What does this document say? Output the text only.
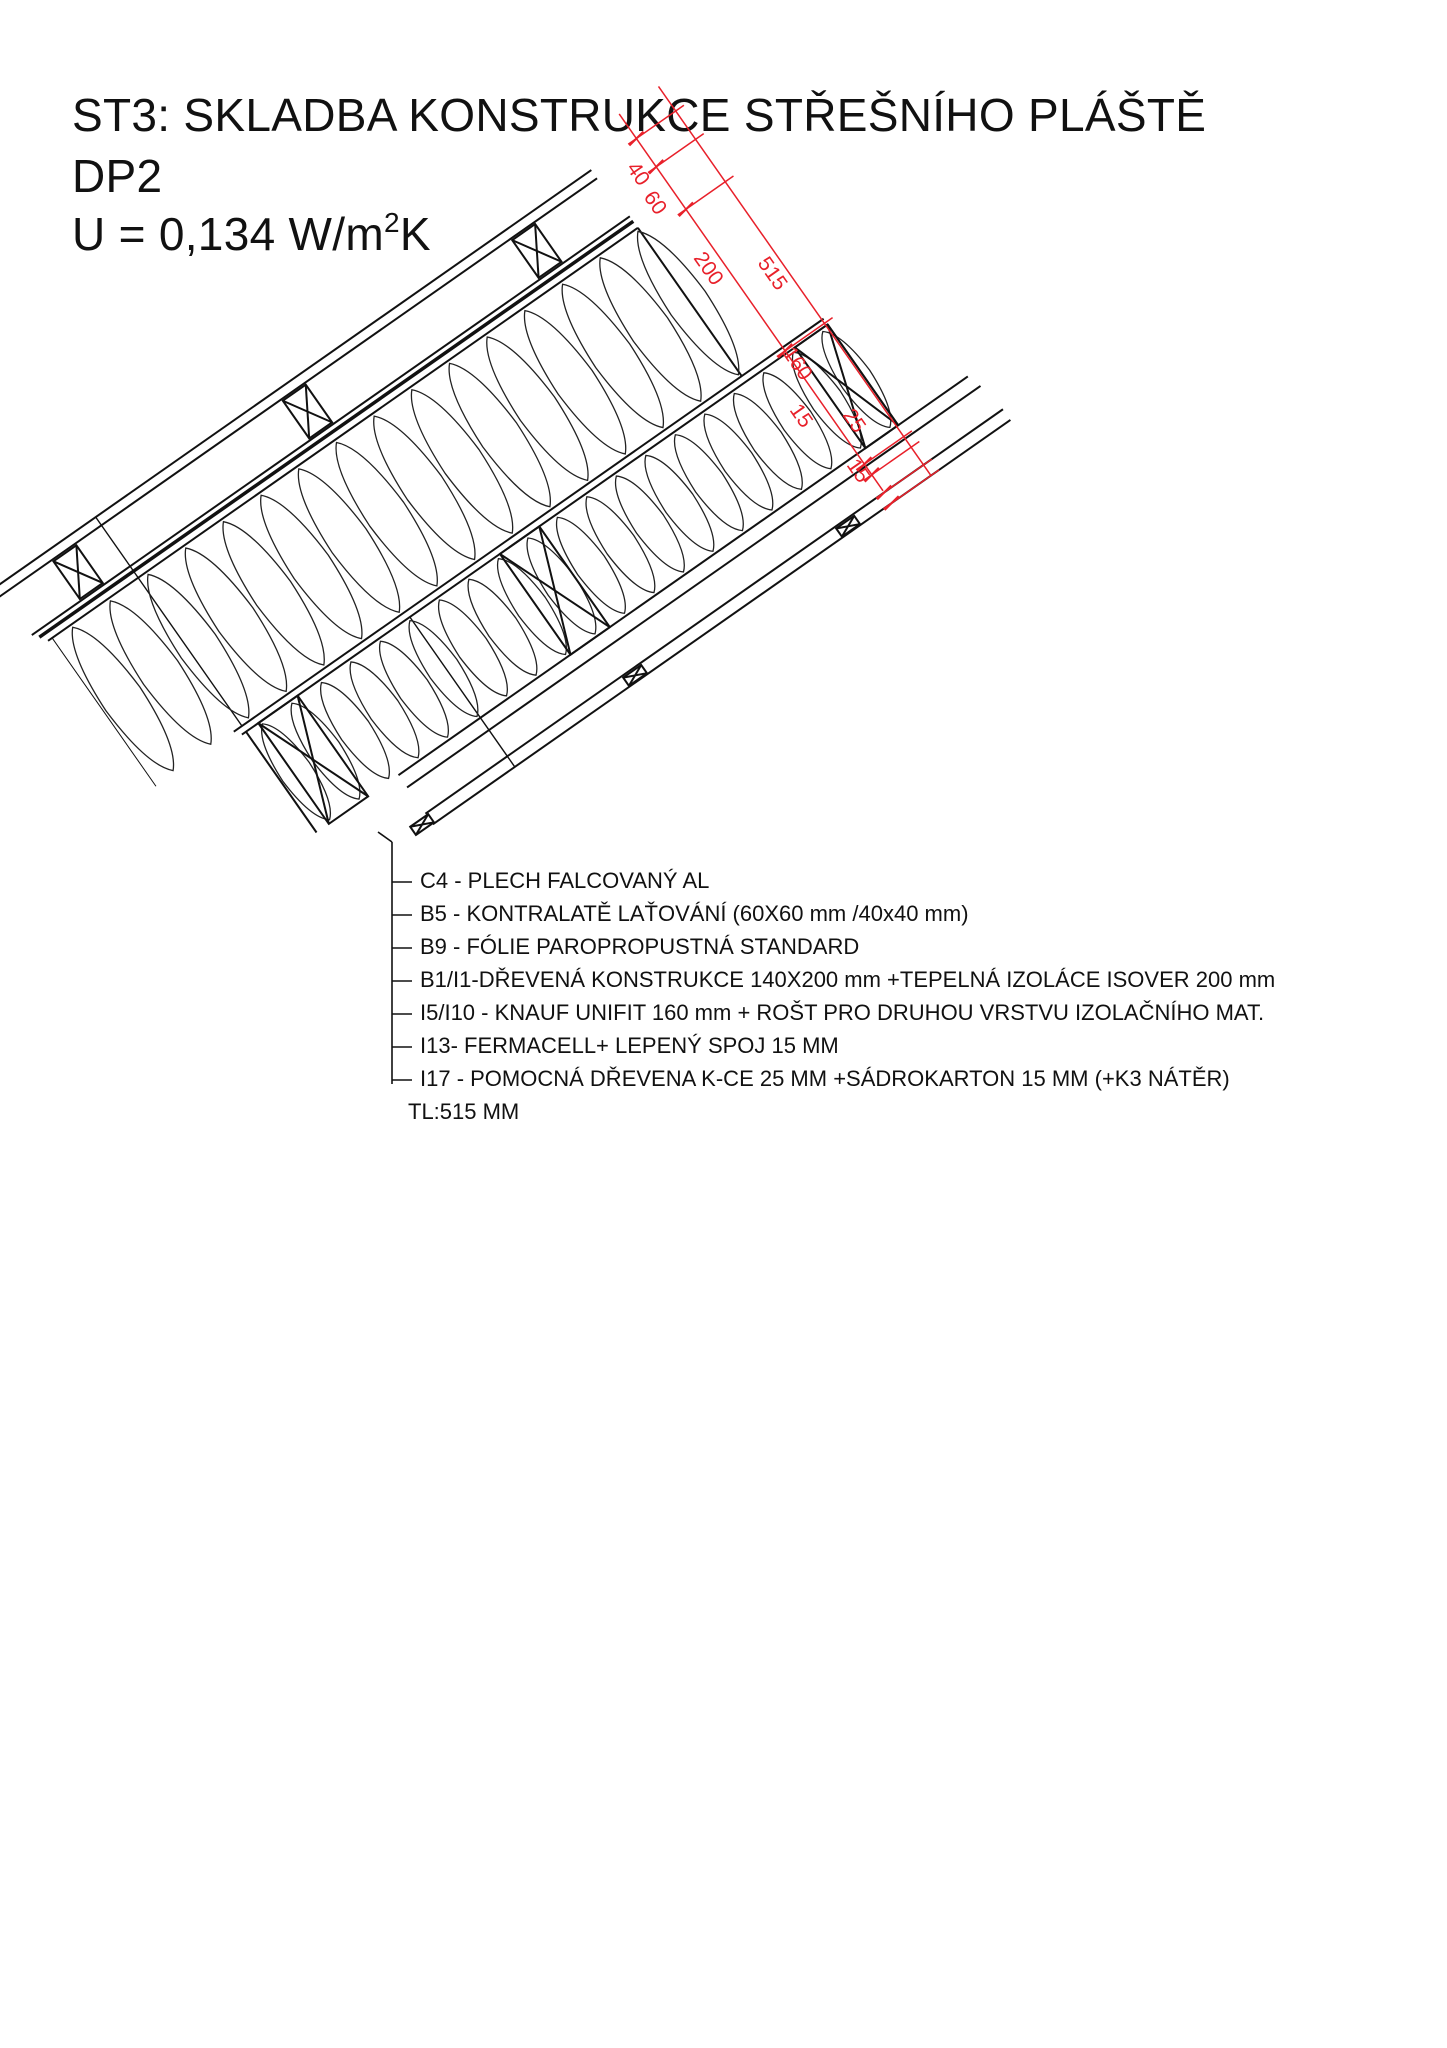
ST3: SKLADBA KONSTRUKCE STŘEŠNÍHO PLÁŠTĚ
DP2
U = 0,134 $W/m^2K$
40
60
200 515
160
15 25
15
C4 - PLECH FALCOVANÝ AL
B5 - KONTRALATĚ LAŤOVÁNÍ (60X60 mm /40x40 mm)
B9 - FÓLIE PAROPROPUSTNÁ STANDARD
B1/I1-DŘEVENÁ KONSTRUKCE 140X200 mm +TEPELNÁ IZOLÁCE ISOVER 200 mm
I5/I10 - KNAUF UNIFIT 160 mm + ROŠT PRO DRUHOU VRSTVU IZOLAČNÍHO MAT.
I13- FERMACELL+ LEPENÝ SPOJ 15 MM
I17 - POMOCNÁ DŘEVENA K-CE 25 MM +SÁDROKARTON 15 MM (+K3 NÁTĚR)
TL:515 MM
